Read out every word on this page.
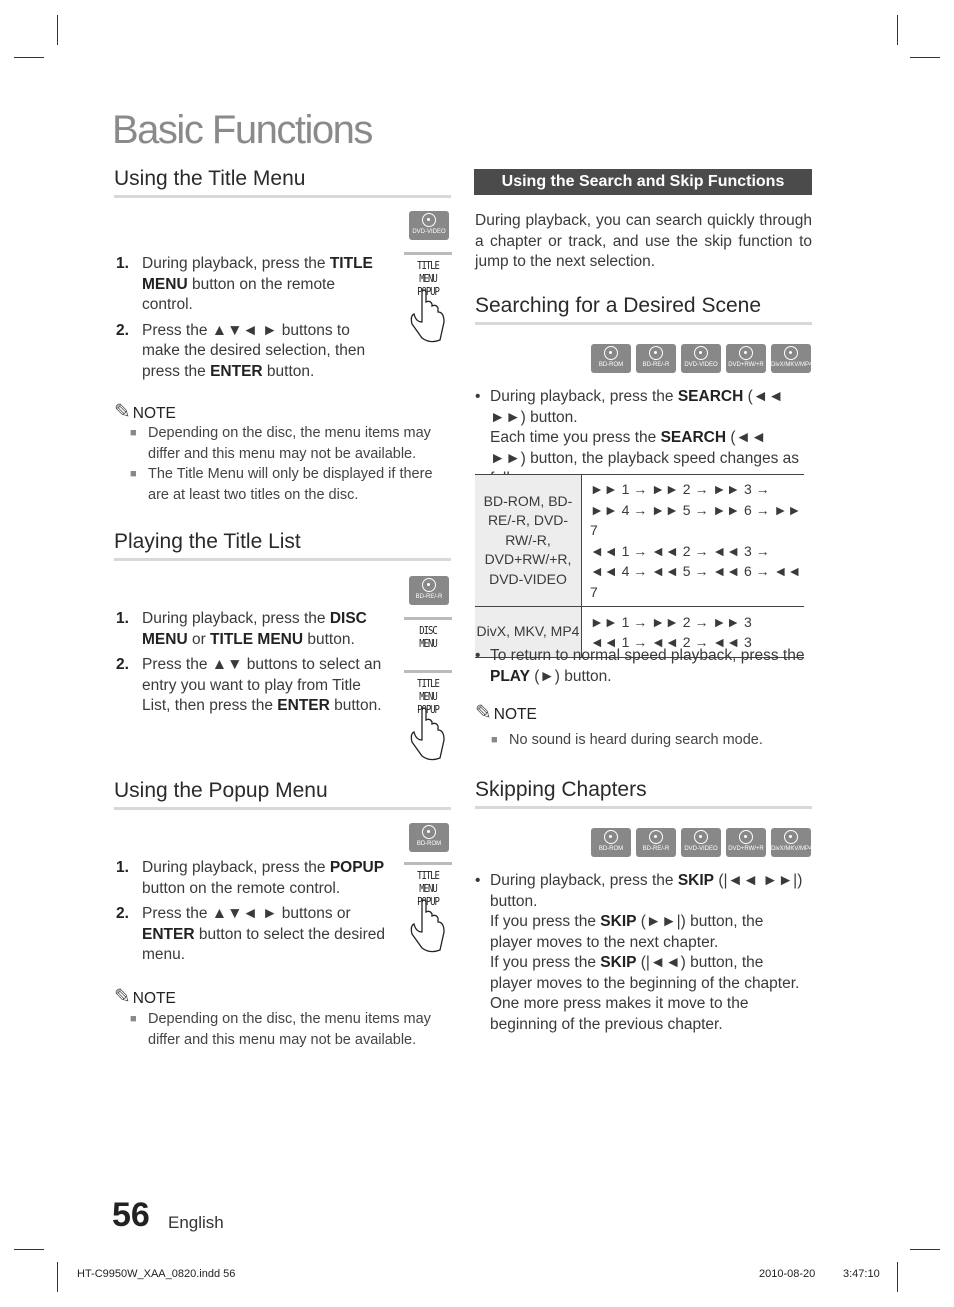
Basic Functions
Using the Title Menu
DVD-VIDEO
TITLE MENU
POPUP
1. During playback, press the TITLE MENU button on the remote control.
2. Press the ▲▼◄ ► buttons to make the desired selection, then press the ENTER button.
✎ NOTE
■ Depending on the disc, the menu items may differ and this menu may not be available.
■ The Title Menu will only be displayed if there are at least two titles on the disc.
Playing the Title List
BD-RE/-R
DISC
MENU
TITLE MENU
POPUP
1. During playback, press the DISC MENU or TITLE MENU button.
2. Press the ▲▼ buttons to select an entry you want to play from Title List, then press the ENTER button.
Using the Popup Menu
BD-ROM
TITLE MENU
POPUP
1. During playback, press the POPUP button on the remote control.
2. Press the ▲▼◄ ► buttons or ENTER button to select the desired menu.
✎ NOTE
■ Depending on the disc, the menu items may differ and this menu may not be available.
Using the Search and Skip Functions
During playback, you can search quickly through a chapter or track, and use the skip function to jump to the next selection.
Searching for a Desired Scene
BD-ROM	BD-RE/-R	DVD-VIDEO	DVD+RW/+R	DivX/MKV/MP4
• During playback, press the SEARCH (◄◄ ►►) button.
Each time you press the SEARCH (◄◄ ►►) button, the playback speed changes as
BD-ROM, BD-RE/-R, DVD-RW/-R, DVD+RW/+R, DVD-VIDEO	►► 1 → ►► 2 → ►► 3 →
►► 4 → ►► 5 → ►► 6 → ►► 7
◄◄ 1 → ◄◄ 2 → ◄◄ 3 →
◄◄ 4 → ◄◄ 5 → ◄◄ 6 → ◄◄ 7

DivX, MKV, MP4	►► 1 → ►► 2 → ►► 3
◄◄ 1 → ◄◄ 2 → ◄◄ 3
• To return to normal speed playback, press the PLAY (►) button.
✎ NOTE
■ No sound is heard during search mode.
Skipping Chapters
BD-ROM	BD-RE/-R	DVD-VIDEO	DVD+RW/+R	DivX/MKV/MP4
• During playback, press the SKIP (|◄◄ ►►|) button.
If you press the SKIP (►►|) button, the player moves to the next chapter.
If you press the SKIP (|◄◄) button, the player moves to the beginning of the chapter. One more press makes it move to the beginning of the previous chapter.
56 English
HT-C9950W_XAA_0820.indd 56	2010-08-20	3:47:10
